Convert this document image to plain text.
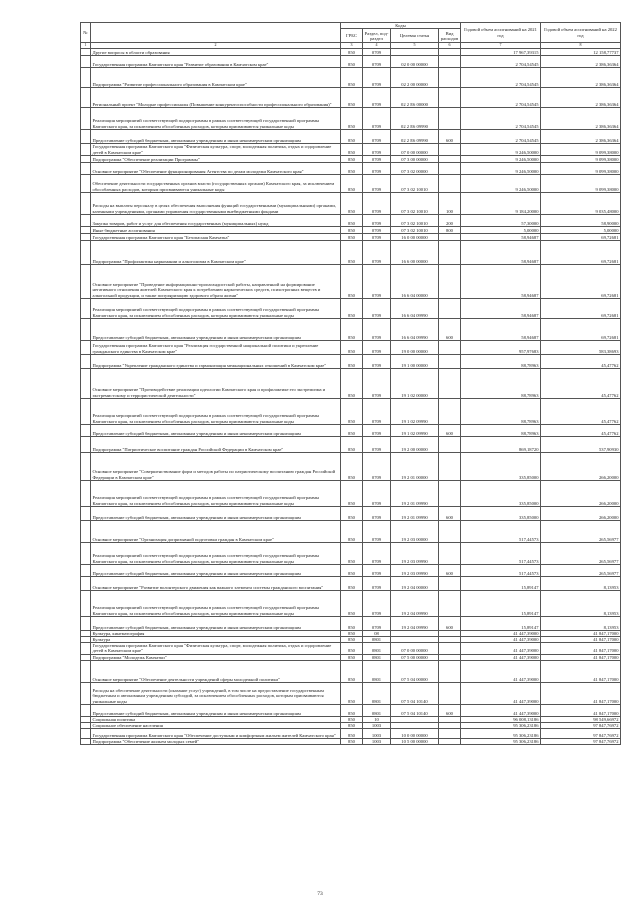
№		Коды				Годовой объем ассигнований на 2021 год	Годовой объем ассигнований на 2022 год
		ГРБС	Раздел, под-раздел	Целевая статья	Вид расходов		
1	2	3	4	5	6	7	8
	Другие вопросы в области образования	850	0709			17 967,39315	12 158,77737
	Государственная программа Камчатского края "Развитие образования в Камчатском крае"	850	0709	02 0 00 00000		2 704,54545	2 386,36364
	Подпрограмма "Развитие профессионального образования в Камчатском крае"	850	0709	02 2 00 00000		2 704,54545	2 386,36364
	Региональный проект "Молодые профессионалы (Повышение конкурентоспособности профессионального образования)"	850	0709	02 2 E6 00000		2 704,54545	2 386,36364
	Реализация мероприятий соответствующей подпрограммы в рамках соответствующей государственной программы Камчатского края, за исключением обособленных расходов, которым присваиваются уникальные коды	850	0709	02 2 E6 09990		2 704,54545	2 386,36364
	Предоставление субсидий бюджетным, автономным учреждениям и иным некоммерческим организациям	850	0709	02 2 E6 09990	600	2 704,54545	2 386,36364
	Государственная программа Камчатского края "Физическая культура, спорт, молодежная политика, отдых и оздоровление детей в Камчатском крае"	850	0709	07 0 00 00000		9 246,50000	9 099,38000
	Подпрограмма "Обеспечение реализации Программы"	850	0709	07 3 00 00000		9 246,50000	9 099,38000
	Основное мероприятие "Обеспечение функционирования Агентства по делам молодежи Камчатского края"	850	0709	07 3 02 00000		9 246,50000	9 099,38000
	Обеспечение деятельности государственных органов власти (государственных органов) Камчатского края, за исключением обособленных расходов, которым присваиваются уникальные коды	850	0709	07 3 02 10010		9 246,50000	9 099,38000
	Расходы на выплаты персоналу в целях обеспечения выполнения функций государственными (муниципальными) органами, казенными учреждениями, органами управления государственными внебюджетными фондами	850	0709	07 3 02 10010	100	9 184,20000	9 035,48000
	Закупка товаров, работ и услуг для обеспечения государственных (муниципальных) нужд	850	0709	07 3 02 10010	200	57,30000	58,90000
	Иные бюджетные ассигнования	850	0709	07 3 02 10010	800	5,00000	5,00000
	Государственная программа Камчатского края "Безопасная Камчатка"	850	0709	16 0 00 00000		58,94687	69,72681
	Подпрограмма "Профилактика наркомании и алкоголизма в Камчатском крае"	850	0709	16 6 00 00000		58,94687	69,72681
	Основное мероприятие "Проведение информационно-пропагандистской работы, направленной на формирование негативного отношения жителей Камчатского края к потреблению наркотических средств, психотропных веществ и алкогольной продукции, и также популяризацию здорового образа жизни"	850	0709	16 6 04 00000		58,94687	69,72681
	Реализация мероприятий соответствующей подпрограммы в рамках соответствующей государственной программы Камчатского края, за исключением обособленных расходов, которым присваиваются уникальные коды	850	0709	16 6 04 09990		58,94687	69,72681
	Предоставление субсидий бюджетным, автономным учреждениям и иным некоммерческим организациям	850	0709	16 6 04 09990	600	58,94687	69,72681
	Государственная программа Камчатского края "Реализация государственной национальной политики и укрепление гражданского единства в Камчатском крае"	850	0709	19 0 00 00000		957,97683	583,38693
	Подпрограмма "Укрепление гражданского единства и гармонизация межнациональных отношений в Камчатском крае"	850	0709	19 1 00 00000		88,78963	45,47762
	Основное мероприятие "Противодействие реализации идеологии Камчатского края и профилактике его экстремизма и экстремистскому и террористической деятельности"	850	0709	19 1 02 00000		88,78963	45,47762
	Реализация мероприятий соответствующей подпрограммы в рамках соответствующей государственной программы Камчатского края, за исключением обособленных расходов, которым присваиваются уникальные коды	850	0709	19 1 02 09990		88,78963	45,47762
	Предоставление субсидий бюджетным, автономным учреждениям и иным некоммерческим организациям	850	0709	19 1 02 09990	600	88,78963	45,47762
	Подпрограмма "Патриотическое воспитание граждан Российской Федерации в Камчатском крае"	850	0709	19 2 00 00000		869,18720	537,90930
	Основное мероприятие "Совершенствование форм и методов работы по патриотическому воспитанию граждан Российской Федерации в Камчатском крае"	850	0709	19 2 01 00000		335,85000	266,20000
	Реализация мероприятий соответствующей подпрограммы в рамках соответствующей государственной программы Камчатского края, за исключением обособленных расходов, которым присваиваются уникальные коды	850	0709	19 2 01 09990		335,85000	266,20000
	Предоставление субсидий бюджетным, автономным учреждениям и иным некоммерческим организациям	850	0709	19 2 01 09990	600	335,85000	266,20000
	Основное мероприятие "Организация допризывной подготовки граждан в Камчатском крае"	850	0709	19 2 03 00000		517,44573	265,56977
	Реализация мероприятий соответствующей подпрограммы в рамках соответствующей государственной программы Камчатского края, за исключением обособленных расходов, которым присваиваются уникальные коды	850	0709	19 2 03 09990		517,44573	265,56977
	Предоставление субсидий бюджетным, автономным учреждениям и иным некоммерческим организациям	850	0709	19 2 03 09990	600	517,44573	265,56977
	Основное мероприятие "Развитие волонтерского движения как важного элемента системы гражданского воспитания"	850	0709	19 2 04 00000		15,89147	8,13953
	Реализация мероприятий соответствующей подпрограммы в рамках соответствующей государственной программы Камчатского края, за исключением обособленных расходов, которым присваиваются уникальные коды	850	0709	19 2 04 09990		15,89147	8,13953
	Предоставление субсидий бюджетным, автономным учреждениям и иным некоммерческим организациям	850	0709	19 2 04 09990	600	15,89147	8,13953
	Культура, кинематография	850	08			41 447,39000	41 847,17000
	Культура	850	0801			41 447,39000	41 847,17000
	Государственная программа Камчатского края "Физическая культура, спорт, молодежная политика, отдых и оздоровление детей в Камчатском крае"	850	0801	07 0 00 00000		41 447,39000	41 847,17000
	Подпрограмма "Молодежь Камчатки"	850	0801	07 5 00 00000		41 447,39000	41 847,17000
	Основное мероприятие "Обеспечение деятельности учреждений сферы молодежной политики"	850	0801	07 5 04 00000		41 447,39000	41 847,17000
	Расходы на обеспечение деятельности (оказание услуг) учреждений, в том числе на предоставление государственным бюджетным и автономным учреждениям субсидий, за исключением обособленных расходов, которым присваиваются уникальные коды	850	0801	07 5 04 10140		41 447,39000	41 847,17000
	Предоставление субсидий бюджетным, автономным учреждениям и иным некоммерческим организациям	850	0801	07 5 04 10140	600	41 447,39000	41 847,17000
	Социальная политика	850	10			96 008,13186	98 549,66972
	Социальное обеспечение населения	850	1003			95 306,23186	97 847,76972
	Государственная программа Камчатского края "Обеспечение доступным и комфортным жильем жителей Камчатского края"	850	1003	10 0 00 00000		95 306,23186	97 847,76972
	Подпрограмма "Обеспечение жильем молодых семей"	850	1003	10 5 00 00000		95 306,23186	97 847,76972
73
